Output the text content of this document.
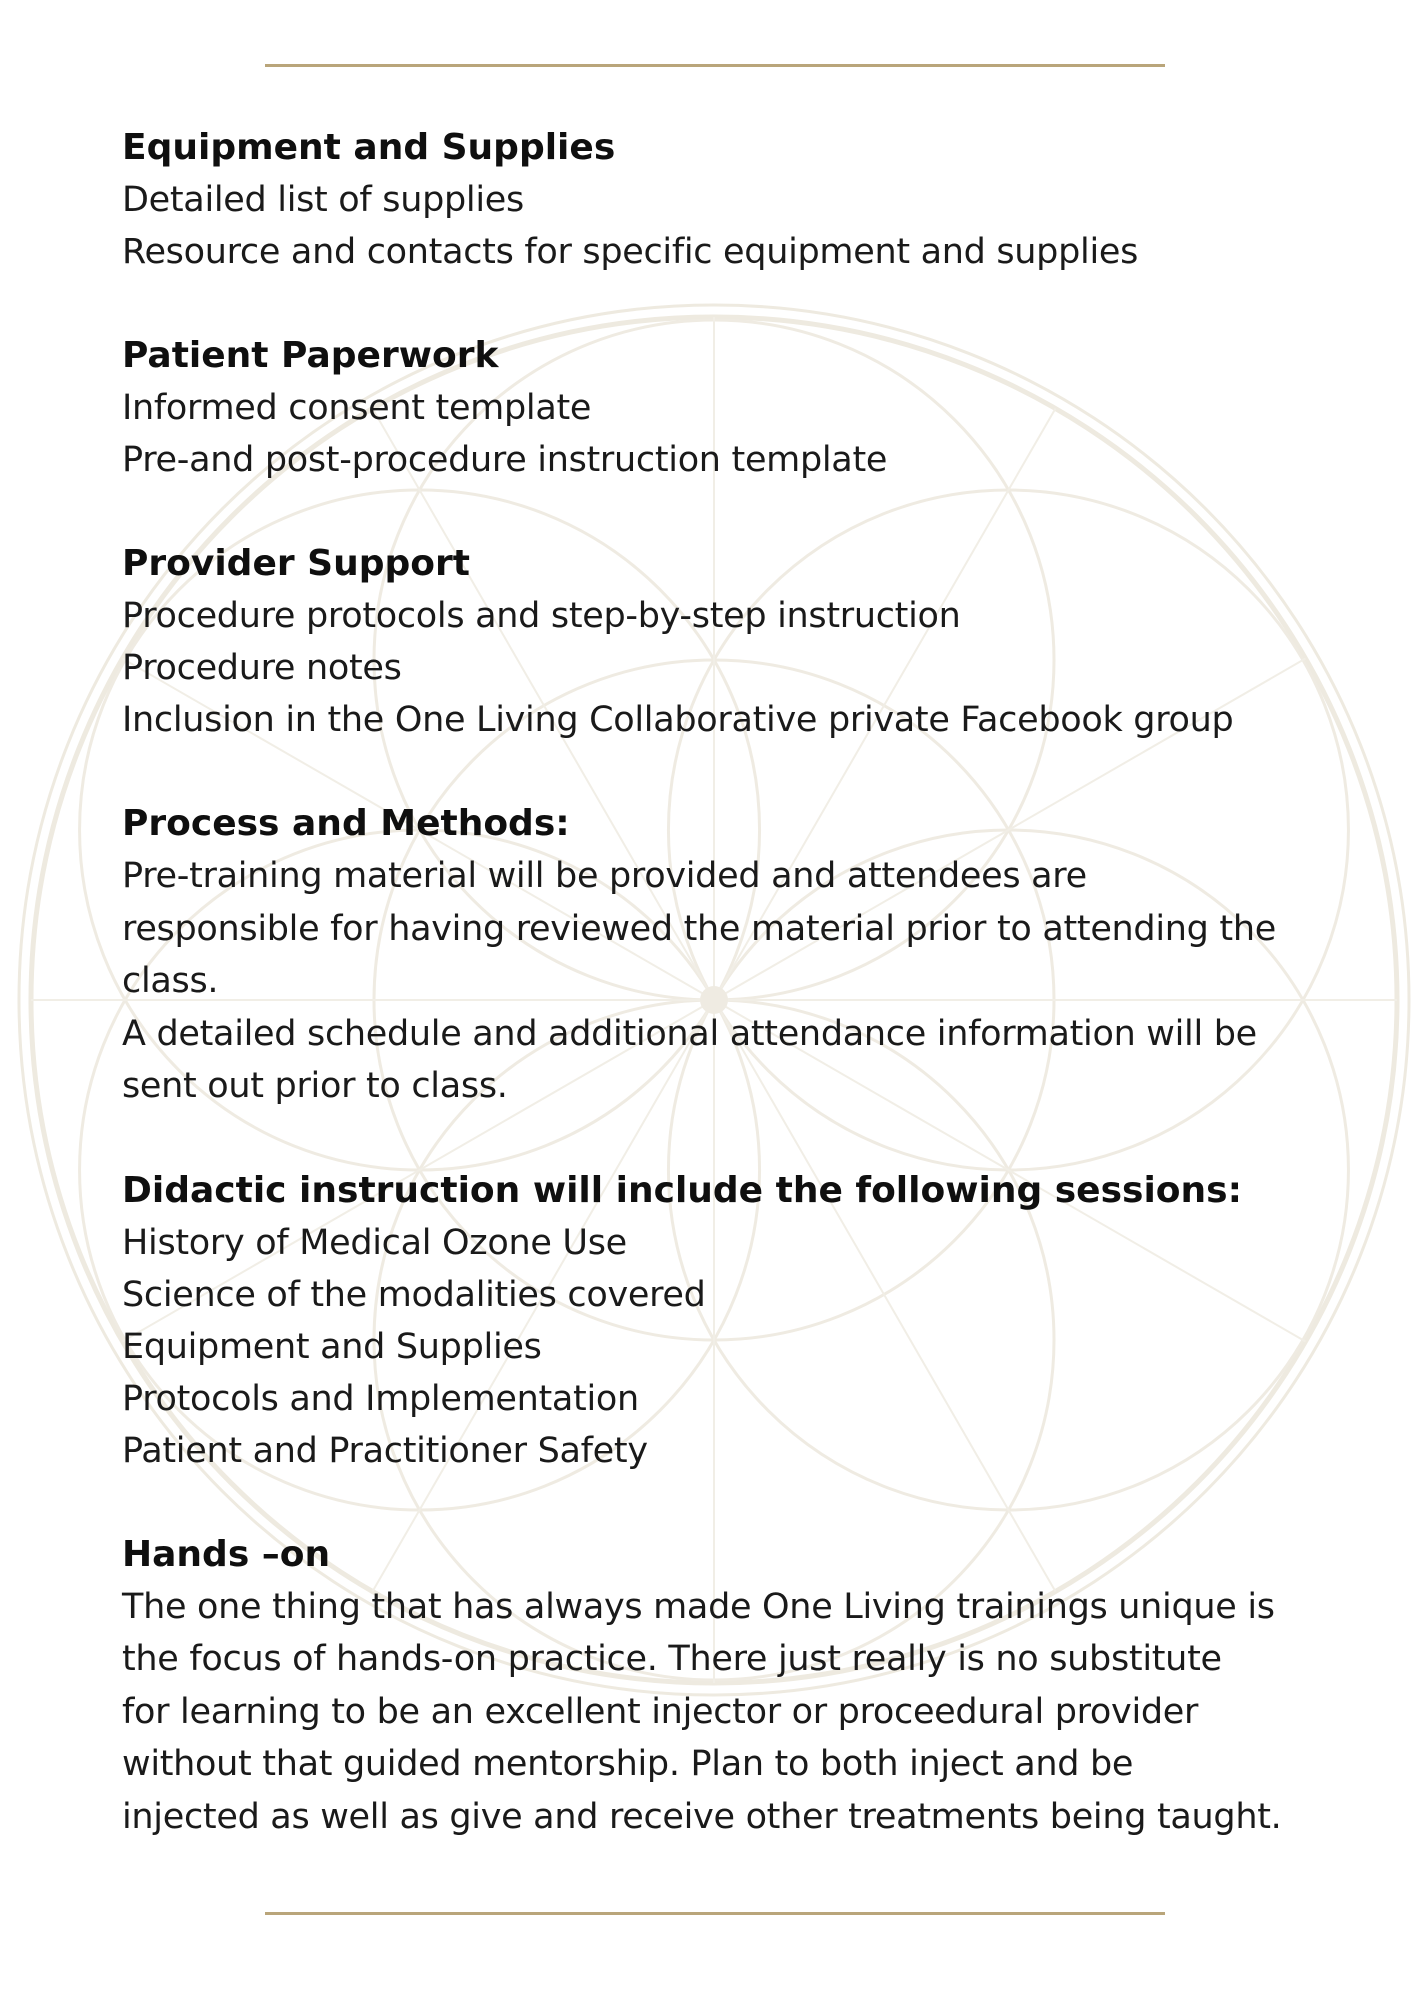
Equipment and Supplies

Detailed list of supplies

Resource and contacts for specific equipment and supplies

Patient Paperwork

Informed consent template

Pre-and post-procedure instruction template

Provider Support

Procedure protocols and step-by-step instruction

Procedure notes

Inclusion in the One Living Collaborative private Facebook group

Process and Methods:

Pre-training material will be provided and attendees are

responsible for having reviewed the material prior to attending the

class.

A detailed schedule and additional attendance information will be

sent out prior to class.

Didactic instruction will include the following sessions:

History of Medical Ozone Use

Science of the modalities covered

Equipment and Supplies

Protocols and Implementation

Patient and Practitioner Safety

Hands –on

The one thing that has always made One Living trainings unique is

the focus of hands-on practice. There just really is no substitute

for learning to be an excellent injector or proceedural provider

without that guided mentorship. Plan to both inject and be

injected as well as give and receive other treatments being taught.
